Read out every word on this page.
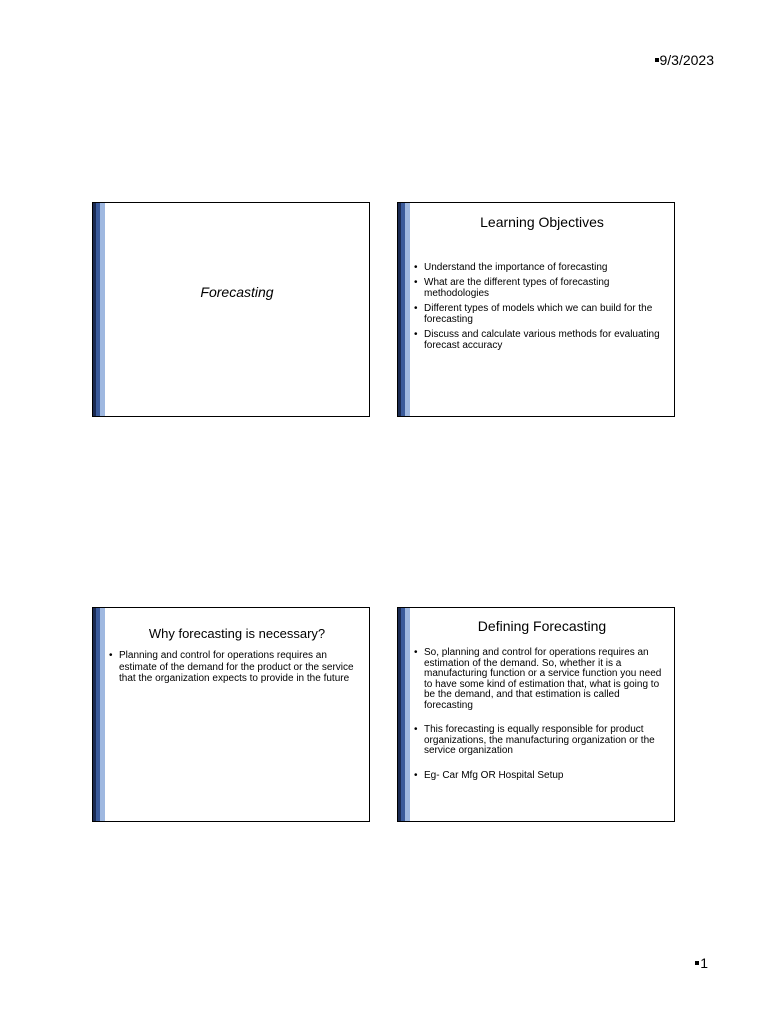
9/3/2023
Forecasting
Learning Objectives
• Understand the importance of forecasting
• What are the different types of forecasting methodologies
• Different types of models which we can build for the forecasting
• Discuss and calculate various methods for evaluating forecast accuracy
Why forecasting is necessary?
• Planning and control for operations requires an estimate of the demand for the product or the service that the organization expects to provide in the future
Defining Forecasting
• So, planning and control for operations requires an estimation of the demand. So, whether it is a manufacturing function or a service function you need to have some kind of estimation that, what is going to be the demand, and that estimation is called forecasting
• This forecasting is equally responsible for product organizations, the manufacturing organization or the service organization
• Eg- Car Mfg OR Hospital Setup
1
